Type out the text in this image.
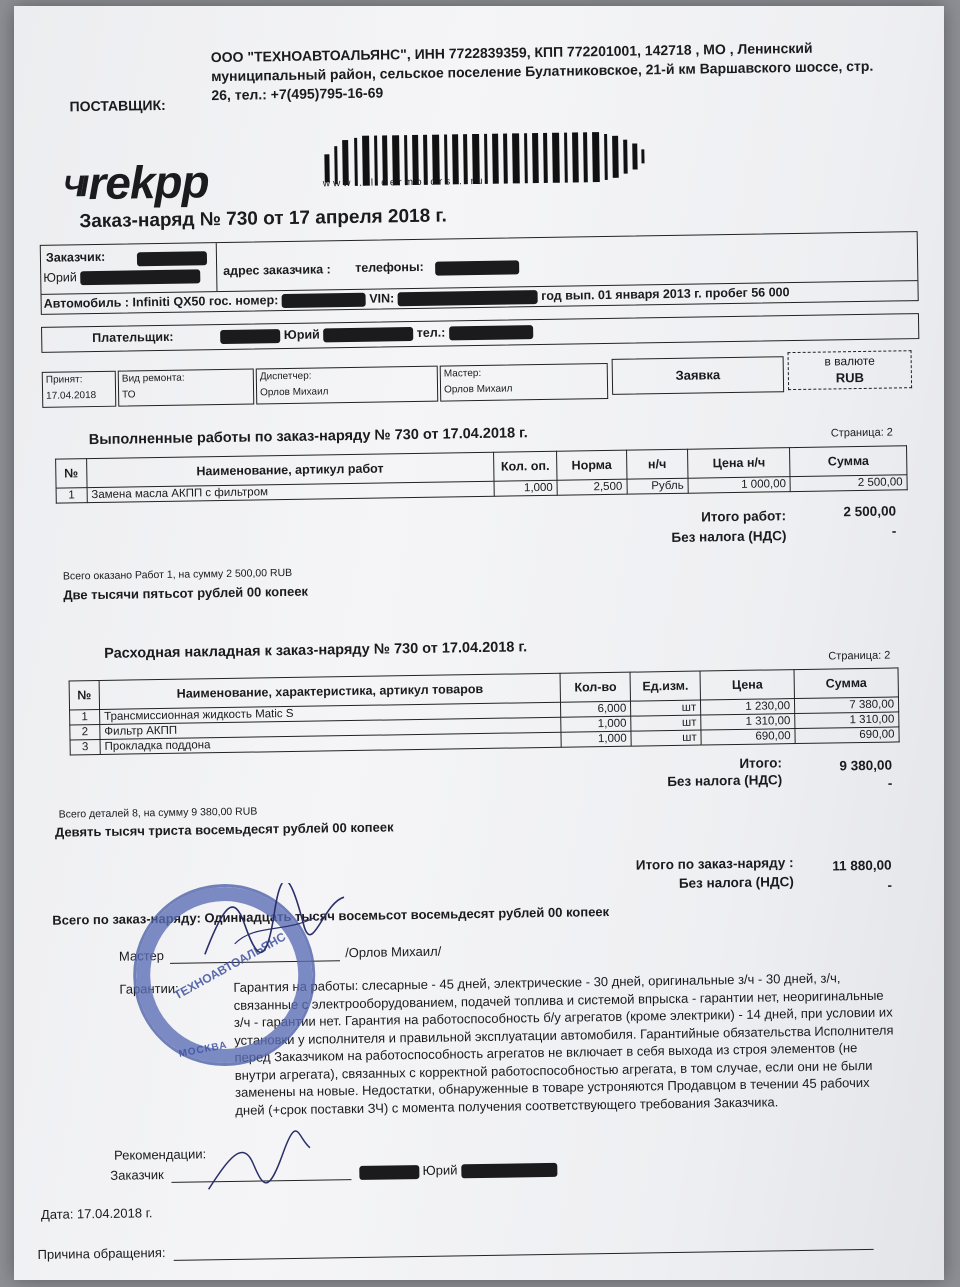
ПОСТАВЩИК:
ООО "ТЕХНОАВТОАЛЬЯНС", ИНН 7722839359, КПП 772201001, 142718 , МО , Ленинский муниципальный район, сельское поселение Булатниковское, 21-й км Варшавского шоссе, стр. 26, тел.: +7(495)795-16-69
ЧIrekpp	www . lidermotors . ru
Заказ-наряд № 730 от 17 апреля 2018 г.
Заказчик:
Юрий	адрес заказчика : телефоны:
Автомобиль : Infiniti QX50 гос. номер:	VIN:	год вып. 01 января 2013 г. пробег 56 000
Плательщик:	Юрий	тел.:
Принят:
17.04.2018
Вид ремонта:
ТО
Диспетчер:
Орлов Михаил
Мастер:
Орлов Михаил
Заявка
в валюте
RUB
Выполненные работы по заказ-наряду № 730 от 17.04.2018 г.	Страница: 2
№	Наименование, артикул работ	Кол. оп.	Норма	н/ч	Цена н/ч	Сумма
1	Замена масла АКПП с фильтром	1,000	2,500	Рубль	1 000,00	2 500,00
Итого работ:	2 500,00
Без налога (НДС)	-
Всего оказано Работ 1, на сумму 2 500,00 RUB
Две тысячи пятьсот рублей 00 копеек
Расходная накладная к заказ-наряду № 730 от 17.04.2018 г.	Страница: 2
№	Наименование, характеристика, артикул товаров	Кол-во	Ед.изм.	Цена	Сумма
1	Трансмиссионная жидкость Matic S	6,000	шт	1 230,00	7 380,00
2	Фильтр АКПП	1,000	шт	1 310,00	1 310,00
3	Прокладка поддона	1,000	шт	690,00	690,00
Итого:	9 380,00
Без налога (НДС)	-
Всего деталей 8, на сумму 9 380,00 RUB
Девять тысяч триста восемьдесят рублей 00 копеек
Итого по заказ-наряду :	11 880,00
Без налога (НДС)	-
Всего по заказ-наряду: Одиннадцать тысяч восемьсот восемьдесят рублей 00 копеек
Мастер	/Орлов Михаил/
Гарантии:	Гарантия на работы: слесарные - 45 дней, электрические - 30 дней, оригинальные з/ч - 30 дней, з/ч, связанные с электрооборудованием, подачей топлива и системой впрыска - гарантии нет, неоригинальные з/ч - гарантии нет. Гарантия на работоспособность б/у агрегатов (кроме электрики) - 14 дней, при условии их установки у исполнителя и правильной эксплуатации автомобиля. Гарантийные обязательства Исполнителя перед Заказчиком на работоспособность агрегатов не включает в себя выхода из строя элементов (не внутри агрегата), связанных с корректной работоспособностью агрегата, в том случае, если они не были заменены на новые. Недостатки, обнаруженные в товаре устроняются Продавцом в течении 45 рабочих дней (+срок поставки ЗЧ) с момента получения соответствующего требования Заказчика.
ТЕХНОАВТОАЛЬЯНС
МОСКВА
Рекомендации:
Заказчик	Юрий
Дата: 17.04.2018 г.
Причина обращения:
